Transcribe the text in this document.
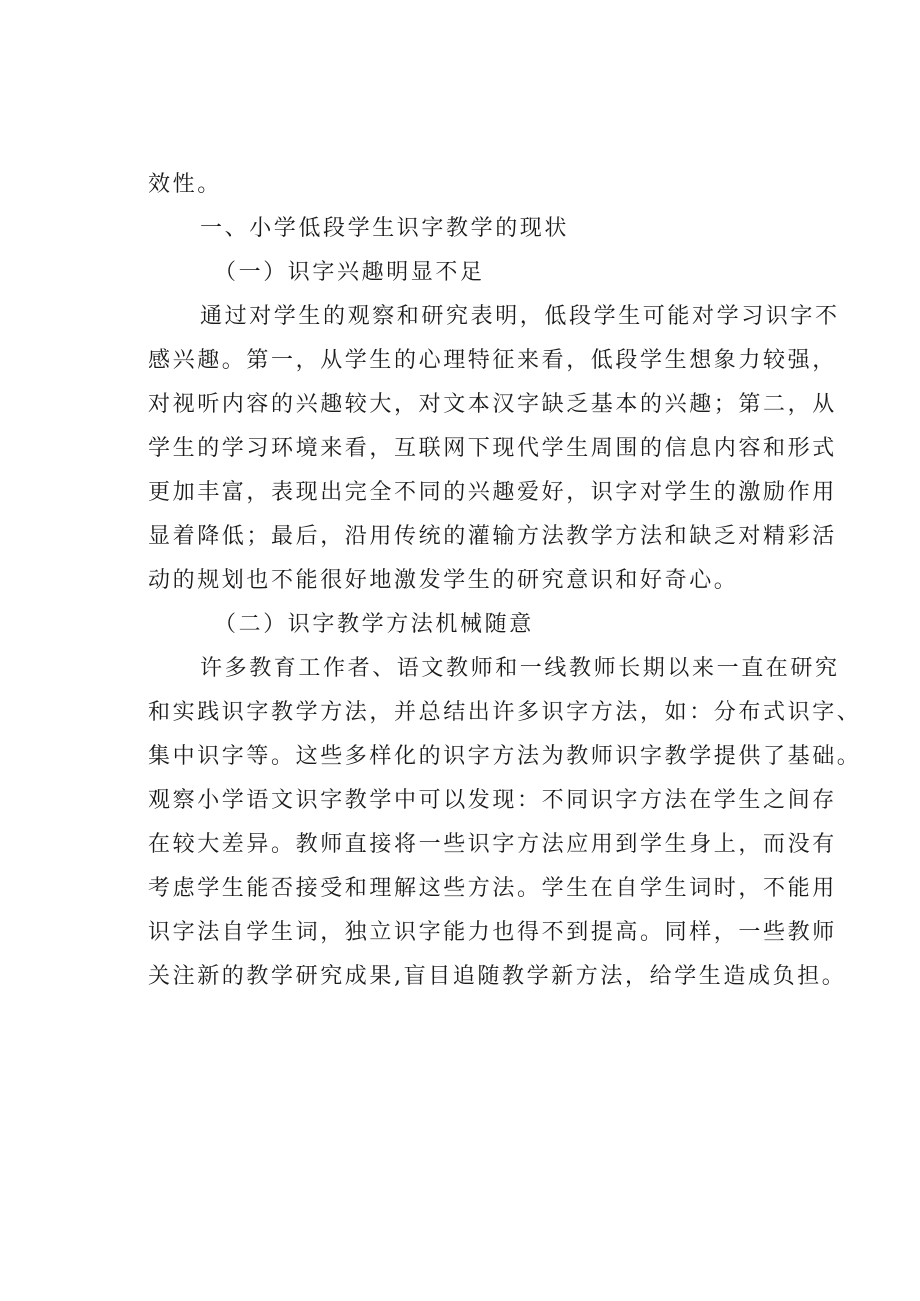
效性。
一、小学低段学生识字教学的现状
（一）识字兴趣明显不足
通过对学生的观察和研究表明，低段学生可能对学习识字不
感兴趣。第一，从学生的心理特征来看，低段学生想象力较强，
对视听内容的兴趣较大，对文本汉字缺乏基本的兴趣；第二，从
学生的学习环境来看，互联网下现代学生周围的信息内容和形式
更加丰富，表现出完全不同的兴趣爱好，识字对学生的激励作用
显着降低；最后，沿用传统的灌输方法教学方法和缺乏对精彩活
动的规划也不能很好地激发学生的研究意识和好奇心。
（二）识字教学方法机械随意
许多教育工作者、语文教师和一线教师长期以来一直在研究
和实践识字教学方法，并总结出许多识字方法，如：分布式识字、
集中识字等。这些多样化的识字方法为教师识字教学提供了基础。
观察小学语文识字教学中可以发现：不同识字方法在学生之间存
在较大差异。教师直接将一些识字方法应用到学生身上，而没有
考虑学生能否接受和理解这些方法。学生在自学生词时，不能用
识字法自学生词，独立识字能力也得不到提高。同样，一些教师
关注新的教学研究成果,盲目追随教学新方法，给学生造成负担。
